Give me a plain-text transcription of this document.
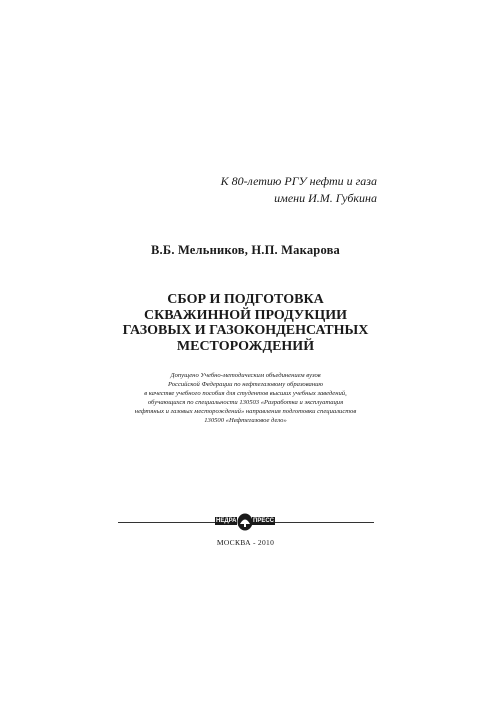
К 80-летию РГУ нефти и газа
имени И.М. Губкина
В.Б. Мельников, Н.П. Макарова
СБОР И ПОДГОТОВКА
СКВАЖИННОЙ ПРОДУКЦИИ
ГАЗОВЫХ И ГАЗОКОНДЕНСАТНЫХ
МЕСТОРОЖДЕНИЙ
Допущено Учебно-методическим объединением вузов
Российской Федерации по нефтегазовому образованию
в качестве учебного пособия для студентов высших учебных заведений,
обучающихся по специальности 130503 «Разработка и эксплуатация
нефтяных и газовых месторождений» направления подготовки специалистов
130500 «Нефтегазовое дело»
НЕДРА	ПРЕСС
МОСКВА - 2010
